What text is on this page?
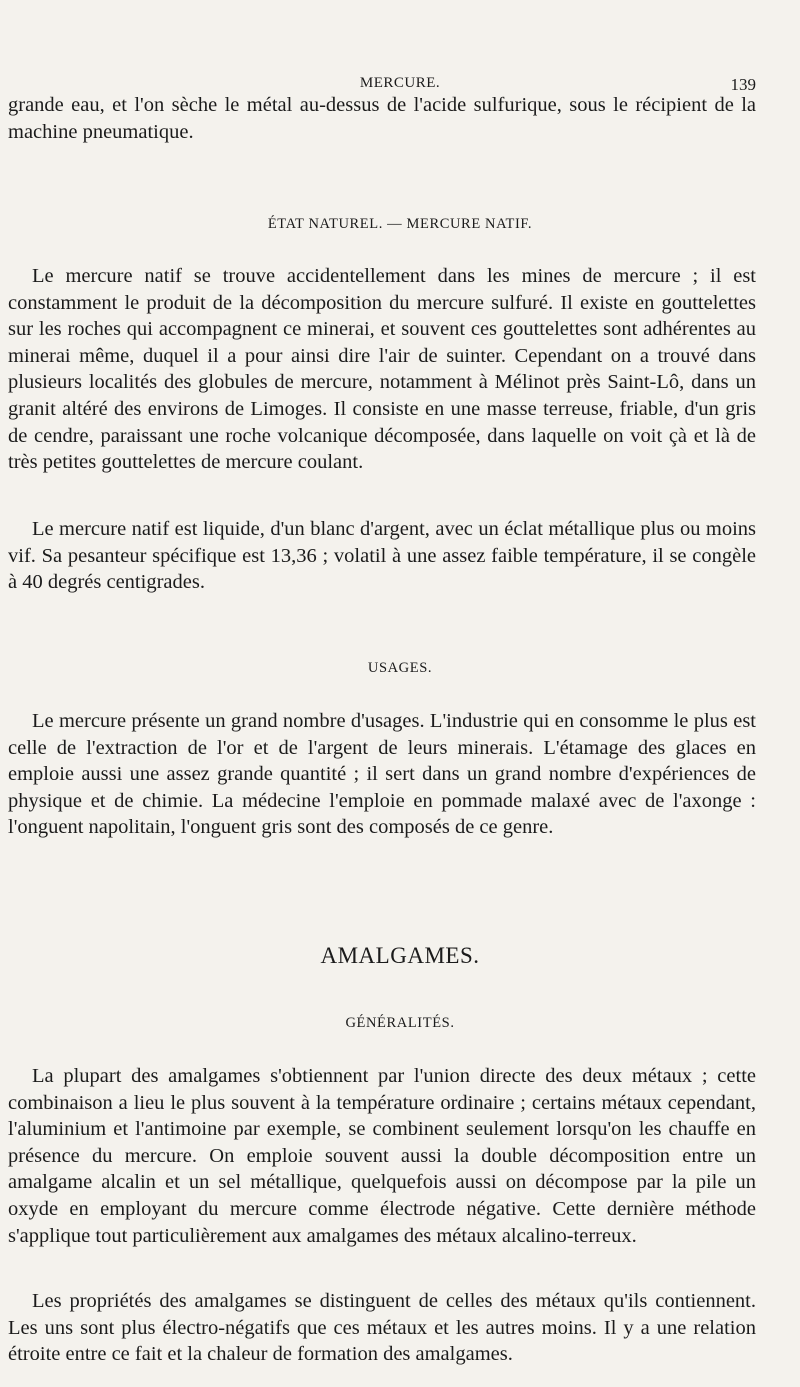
MERCURE.	139

grande eau, et l'on sèche le métal au-dessus de l'acide sulfurique, sous le récipient de la machine pneumatique.

ÉTAT NATUREL. — MERCURE NATIF.

Le mercure natif se trouve accidentellement dans les mines de mercure ; il est constamment le produit de la décomposition du mercure sulfuré. Il existe en gouttelettes sur les roches qui accompagnent ce minerai, et souvent ces gouttelettes sont adhérentes au minerai même, duquel il a pour ainsi dire l'air de suinter. Cependant on a trouvé dans plusieurs localités des globules de mercure, notamment à Mélinot près Saint-Lô, dans un granit altéré des environs de Limoges. Il consiste en une masse terreuse, friable, d'un gris de cendre, paraissant une roche volcanique décomposée, dans laquelle on voit çà et là de très petites gouttelettes de mercure coulant.

Le mercure natif est liquide, d'un blanc d'argent, avec un éclat métallique plus ou moins vif. Sa pesanteur spécifique est 13,36 ; volatil à une assez faible température, il se congèle à 40 degrés centigrades.

USAGES.

Le mercure présente un grand nombre d'usages. L'industrie qui en consomme le plus est celle de l'extraction de l'or et de l'argent de leurs minerais. L'étamage des glaces en emploie aussi une assez grande quantité ; il sert dans un grand nombre d'expériences de physique et de chimie. La médecine l'emploie en pommade malaxé avec de l'axonge : l'onguent napolitain, l'onguent gris sont des composés de ce genre.

AMALGAMES.
GÉNÉRALITÉS.

La plupart des amalgames s'obtiennent par l'union directe des deux métaux ; cette combinaison a lieu le plus souvent à la température ordinaire ; certains métaux cependant, l'aluminium et l'antimoine par exemple, se combinent seulement lorsqu'on les chauffe en présence du mercure. On emploie souvent aussi la double décomposition entre un amalgame alcalin et un sel métallique, quelquefois aussi on décompose par la pile un oxyde en employant du mercure comme électrode négative. Cette dernière méthode s'applique tout particulièrement aux amalgames des métaux alcalino-terreux.

Les propriétés des amalgames se distinguent de celles des métaux qu'ils contiennent. Les uns sont plus électro-négatifs que ces métaux et les autres moins. Il y a une relation étroite entre ce fait et la chaleur de formation des amalgames.
